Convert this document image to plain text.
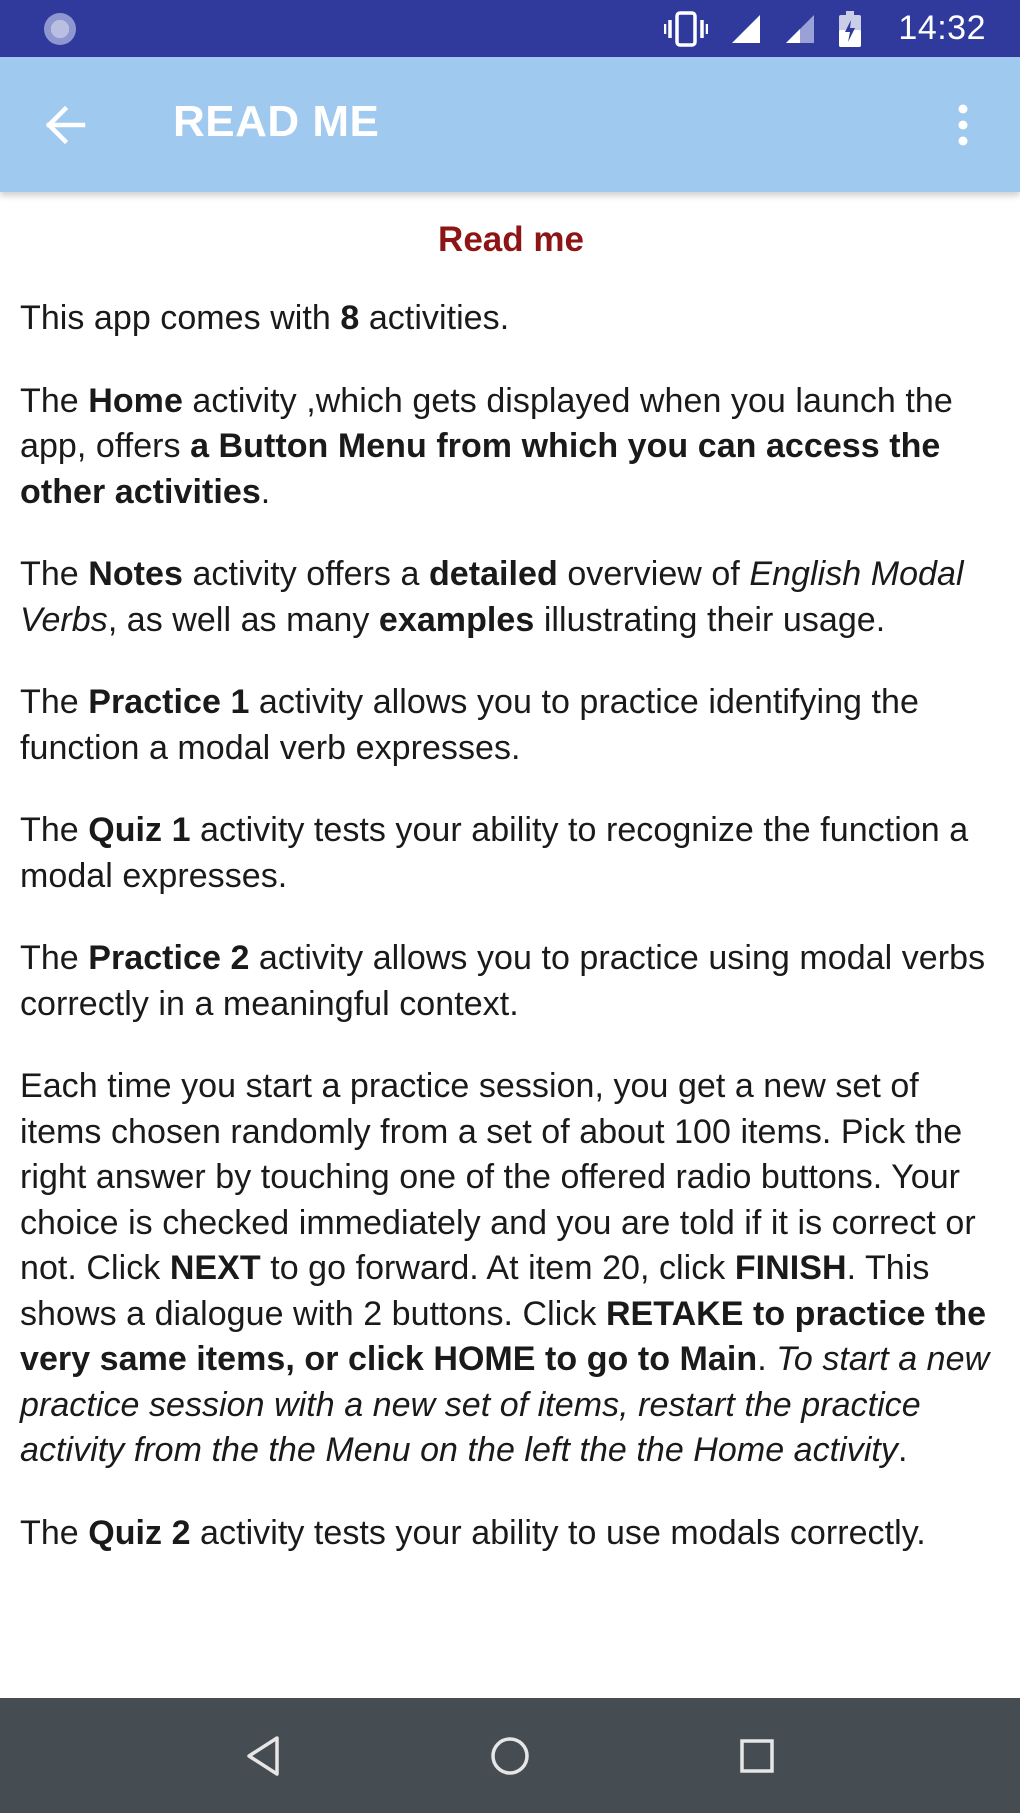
14:32
READ ME
Read me

This app comes with 8 activities.

The Home activity ,which gets displayed when you launch the app, offers a Button Menu from which you can access the other activities.

The Notes activity offers a detailed overview of English Modal Verbs, as well as many examples illustrating their usage.

The Practice 1 activity allows you to practice identifying the function a modal verb expresses.

The Quiz 1 activity tests your ability to recognize the function a modal expresses.

The Practice 2 activity allows you to practice using modal verbs correctly in a meaningful context.

Each time you start a practice session, you get a new set of items chosen randomly from a set of about 100 items. Pick the right answer by touching one of the offered radio buttons. Your choice is checked immediately and you are told if it is correct or not. Click NEXT to go forward. At item 20, click FINISH. This shows a dialogue with 2 buttons. Click RETAKE to practice the very same items, or click HOME to go to Main. To start a new practice session with a new set of items, restart the practice activity from the the Menu on the left the the Home activity.

The Quiz 2 activity tests your ability to use modals correctly.
